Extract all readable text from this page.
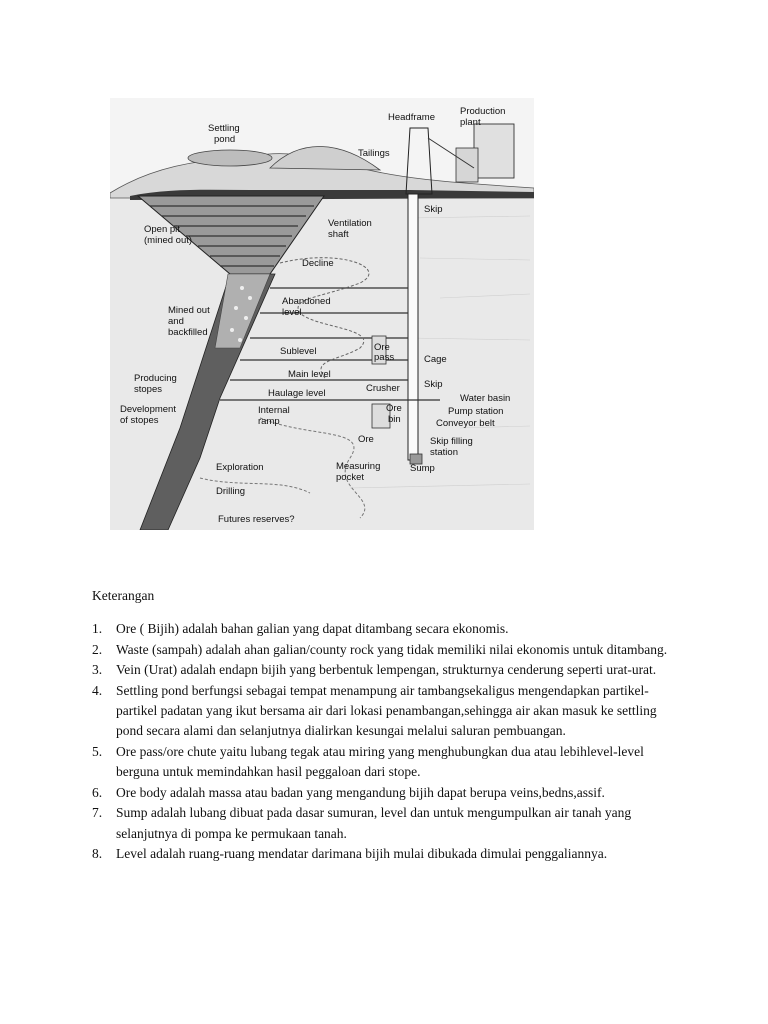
Headframe
Production
plant
Settling
pond
Tailings
Skip
Open pit
(mined out)
Ventilation
shaft
Decline
Abandoned
level
Mined out
and
backfilled
Ore
pass
Sublevel
Cage
Main level
Producing
stopes	Haulage level	Crusher	Skip
Water basin
Development
of stopes
Internal
ramp
Ore
bin
Pump station
Conveyor belt
Ore	Skip filling
station
Exploration	Measuring
pocket
Sump
Drilling
Futures reserves?
Keterangan
1. Ore ( Bijih) adalah bahan galian yang dapat ditambang secara ekonomis.
2. Waste (sampah) adalah ahan galian/county rock yang tidak memiliki nilai ekonomis untuk ditambang.
3. Vein (Urat) adalah endapn bijih yang berbentuk lempengan, strukturnya cenderung seperti urat-urat.
4. Settling pond berfungsi sebagai tempat menampung air tambangsekaligus mengendapkan partikel-partikel padatan yang ikut bersama air dari lokasi penambangan,sehingga air akan masuk ke settling pond secara alami dan selanjutnya dialirkan kesungai melalui saluran pembuangan.
5. Ore pass/ore chute yaitu lubang tegak atau miring yang menghubungkan dua atau lebihlevel-level berguna untuk memindahkan hasil peggaloan dari stope.
6. Ore body adalah massa atau badan yang mengandung bijih dapat berupa veins,bedns,assif.
7. Sump adalah lubang dibuat pada dasar sumuran, level dan untuk mengumpulkan air tanah yang selanjutnya di pompa ke permukaan tanah.
8. Level adalah ruang-ruang mendatar darimana bijih mulai dibukada dimulai penggaliannya.
